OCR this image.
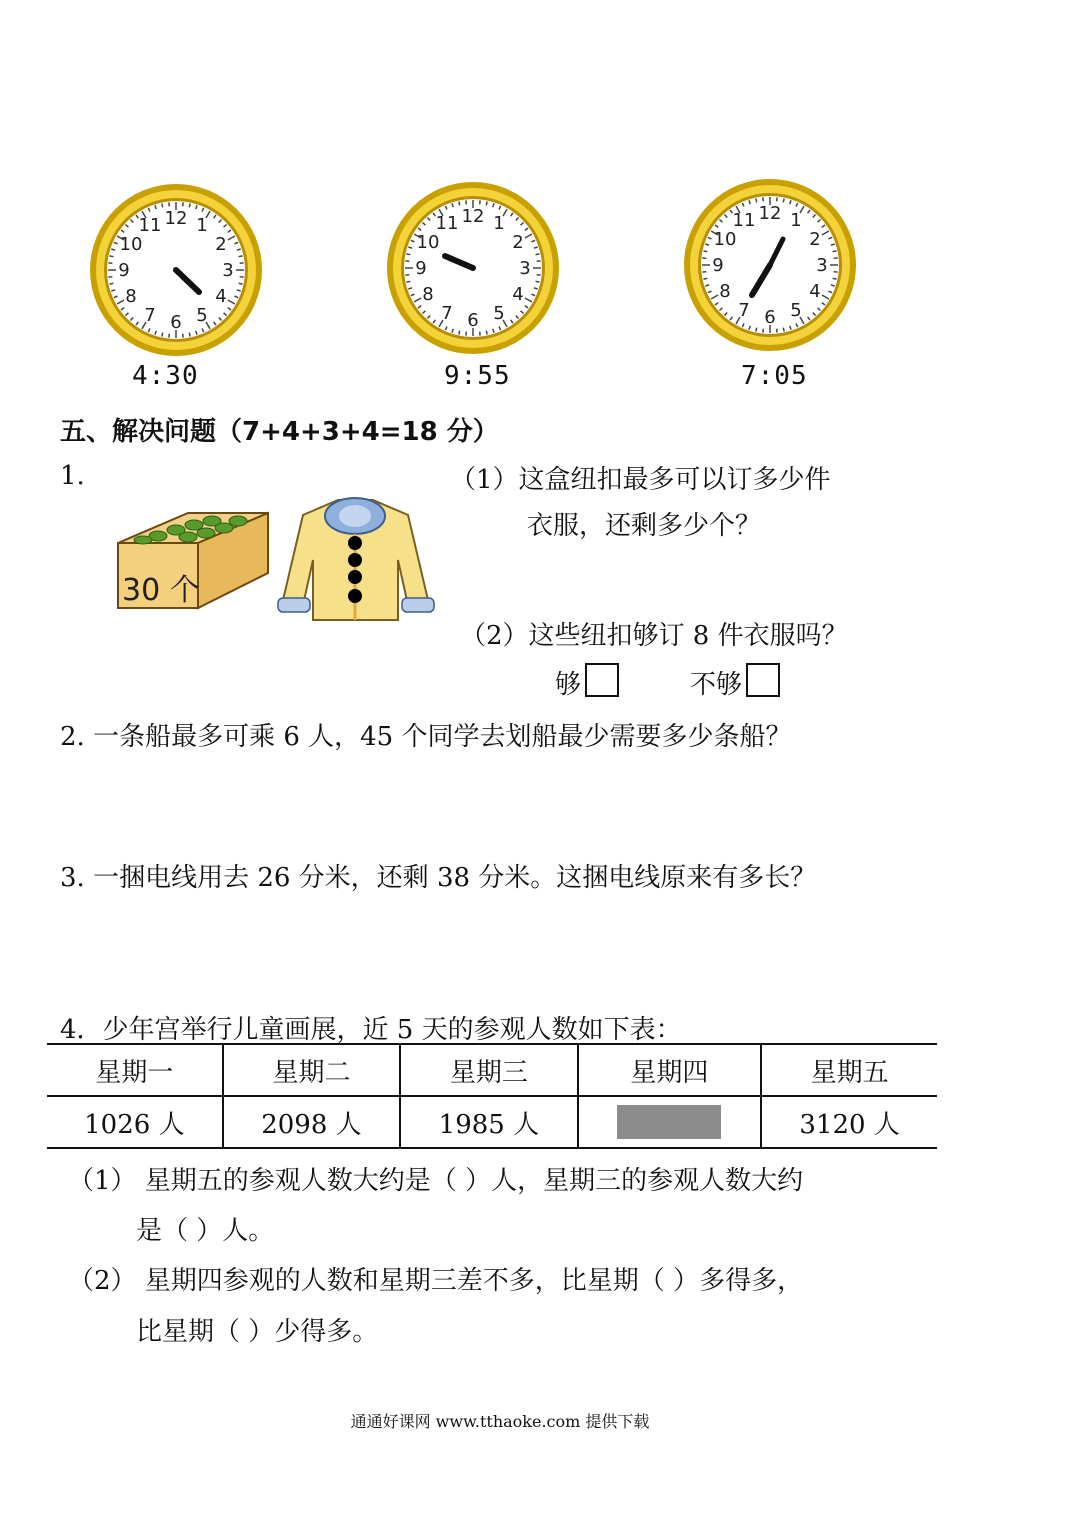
12 1
2
3
4
5
6
7
8
9
10
11	12 1
2
3
4
5
6
7
8
9
10
11	12 1
2
3
4
5
6
7
8
9
10
11
4:30	9:55	7:05
五、解决问题（7+4+3+4=18 分）
1.
30 个
（1）这盒纽扣最多可以订多少件
衣服，还剩多少个？
（2）这些纽扣够订 8 件衣服吗？
够	不够
2. 一条船最多可乘 6 人，45 个同学去划船最少需要多少条船？
3. 一捆电线用去 26 分米，还剩 38 分米。这捆电线原来有多长？
4．少年宫举行儿童画展，近 5 天的参观人数如下表：
星期一	星期二	星期三	星期四	星期五
1026 人	2098 人	1985 人		3120 人
（1） 星期五的参观人数大约是（ ）人，星期三的参观人数大约
是（ ）人。
（2） 星期四参观的人数和星期三差不多，比星期（ ）多得多，
比星期（ ）少得多。
通通好课网 www.tthaoke.com 提供下载
